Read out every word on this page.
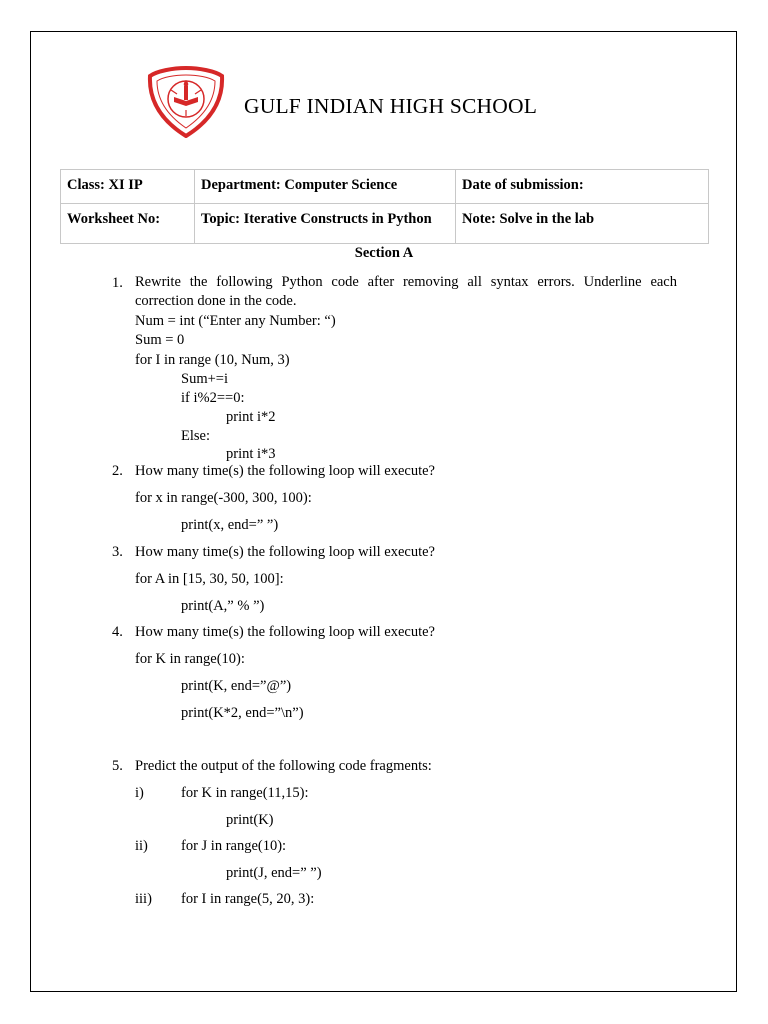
GULF INDIAN HIGH SCHOOL
Class: XI IP	Department: Computer Science	Date of submission:
Worksheet No:	Topic: Iterative Constructs in Python	Note: Solve in the lab
Section A
1. Rewrite the following Python code after removing all syntax errors. Underline each correction done in the code.
Num = int (“Enter any Number: “)
Sum = 0
for I in range (10, Num, 3)
Sum+=i
if i%2==0:
print i*2
Else:
print i*3
2. How many time(s) the following loop will execute?
for x in range(-300, 300, 100):
print(x, end=” ”)
3. How many time(s) the following loop will execute?
for A in [15, 30, 50, 100]:
print(A,” % ”)
4. How many time(s) the following loop will execute?
for K in range(10):
print(K, end=”@”)
print(K*2, end=”\n”)
5. Predict the output of the following code fragments:
i)	for K in range(11,15):
print(K)
ii) for J in range(10):
print(J, end=” ”)
iii) for I in range(5, 20, 3):
